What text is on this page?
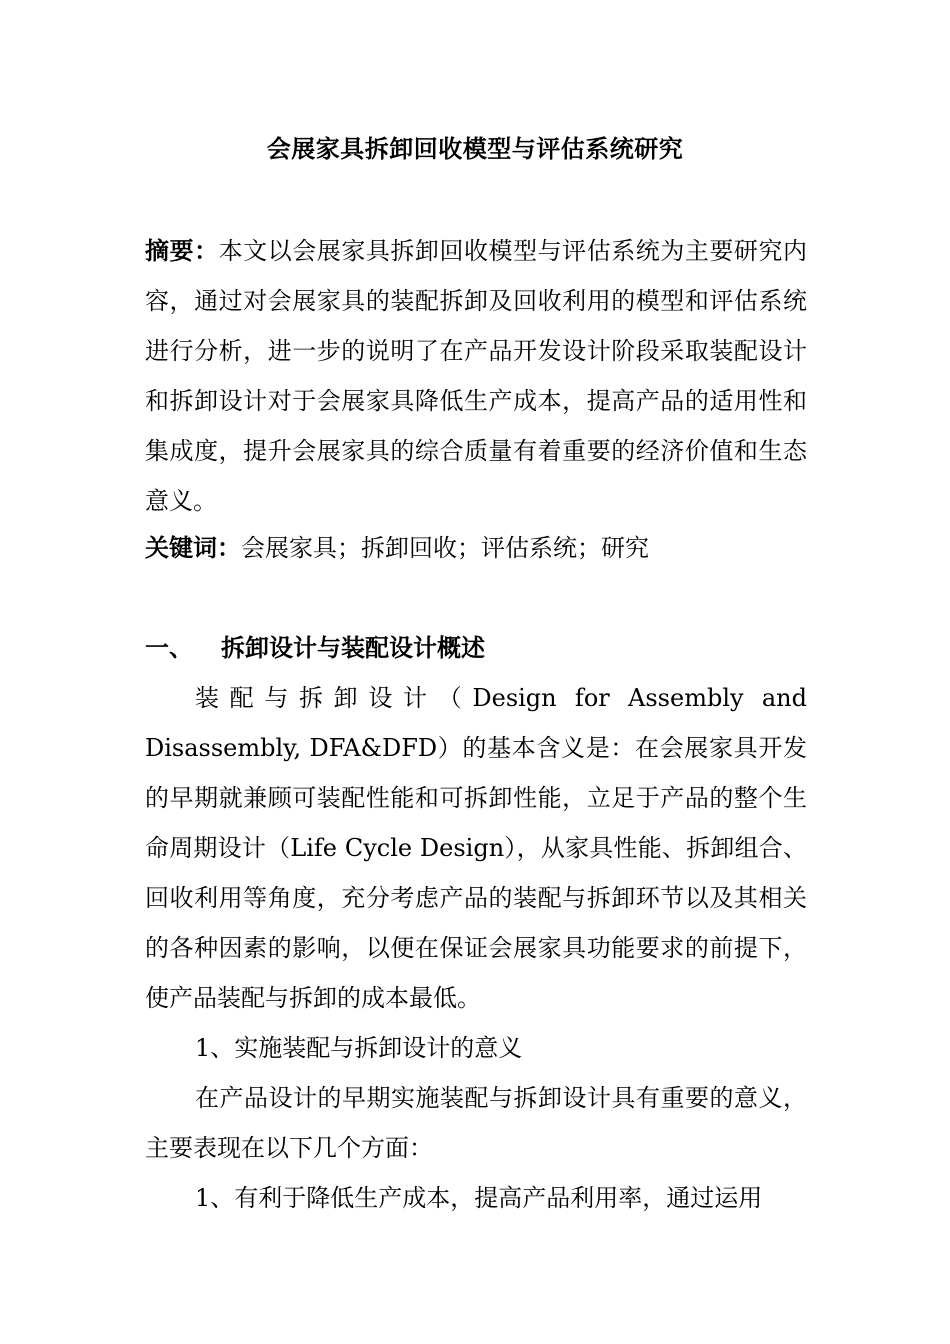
会展家具拆卸回收模型与评估系统研究

摘要：本文以会展家具拆卸回收模型与评估系统为主要研究内容，通过对会展家具的装配拆卸及回收利用的模型和评估系统进行分析，进一步的说明了在产品开发设计阶段采取装配设计和拆卸设计对于会展家具降低生产成本，提高产品的适用性和集成度，提升会展家具的综合质量有着重要的经济价值和生态意义。

关键词：会展家具；拆卸回收；评估系统；研究

一、 拆卸设计与装配设计概述

装配与拆卸设计（Design for Assembly and Disassembly, DFA&DFD）的基本含义是：在会展家具开发的早期就兼顾可装配性能和可拆卸性能，立足于产品的整个生命周期设计（Life Cycle Design），从家具性能、拆卸组合、回收利用等角度，充分考虑产品的装配与拆卸环节以及其相关的各种因素的影响，以便在保证会展家具功能要求的前提下，使产品装配与拆卸的成本最低。

1、实施装配与拆卸设计的意义

在产品设计的早期实施装配与拆卸设计具有重要的意义，主要表现在以下几个方面：

1、有利于降低生产成本，提高产品利用率，通过运用
